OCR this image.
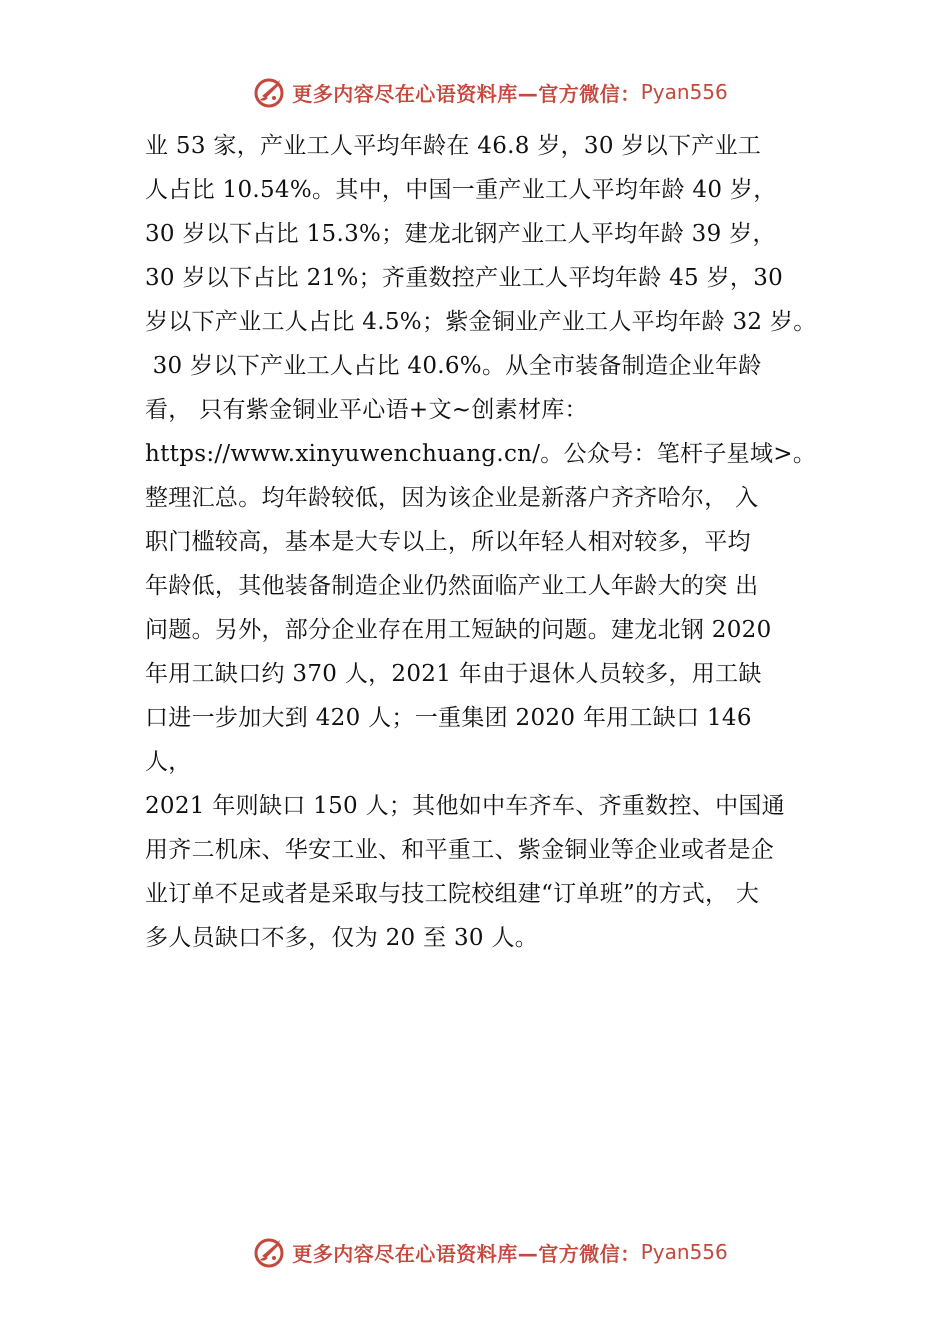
更多内容尽在心语资料库—官方微信： Pyan556
业 53 家，产业工人平均年龄在 46.8 岁，30 岁以下产业工
人占比 10.54%。其中，中国一重产业工人平均年龄 40 岁，
30 岁以下占比 15.3%；建龙北钢产业工人平均年龄 39 岁，
30 岁以下占比 21%；齐重数控产业工人平均年龄 45 岁，30
岁以下产业工人占比 4.5%；紫金铜业产业工人平均年龄 32 岁。
30 岁以下产业工人占比 40.6%。从全市装备制造企业年龄
看， 只有紫金铜业平心语+文~创素材库：
https://www.xinyuwenchuang.cn/。公众号：笔杆子星域>。
整理汇总。均年龄较低，因为该企业是新落户齐齐哈尔， 入
职门槛较高，基本是大专以上，所以年轻人相对较多，平均
年龄低，其他装备制造企业仍然面临产业工人年龄大的突 出
问题。另外，部分企业存在用工短缺的问题。建龙北钢 2020
年用工缺口约 370 人，2021 年由于退休人员较多，用工缺
口进一步加大到 420 人；一重集团 2020 年用工缺口 146
人，
2021 年则缺口 150 人；其他如中车齐车、齐重数控、中国通
用齐二机床、华安工业、和平重工、紫金铜业等企业或者是企
业订单不足或者是采取与技工院校组建“订单班”的方式， 大
多人员缺口不多，仅为 20 至 30 人。
更多内容尽在心语资料库—官方微信： Pyan556
